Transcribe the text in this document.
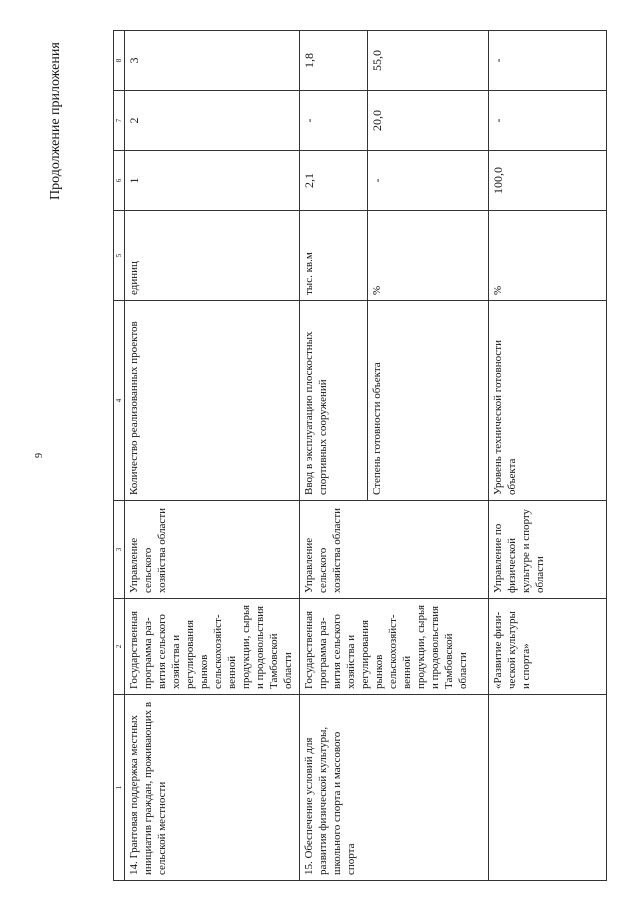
9
Продолжение приложения
1	2	3	4	5	6	7	8
14. Грантовая поддержка местных инициатив граждан, проживающих в сельской местности	Государственная программа раз-
вития сельского хозяйства и регулирования рынков сельскохозяйст-
венной продукции, сырья и продовольствия Тамбовской области	Управление сельского хозяйства области	Количество реализованных проектов	единиц	1	2	3
15. Обеспечение условий для развития физической культуры, школьного спорта и массового спорта	Государственная программа раз-
вития сельского хозяйства и регулирования рынков сельскохозяйст-
венной продукции, сырья и продовольствия Тамбовской области	Управление сельского хозяйства области	Ввод в эксплуатацию плоскостных спортивных сооружений	тыс. кв.м	2,1	-	1,8
			Степень готовности объекта	%	-	20,0	55,0
	«Развитие физи-
ческой культуры и спорта»	Управление по физической культуре и спорту области	Уровень технической готовности объекта	%	100,0	-	-
